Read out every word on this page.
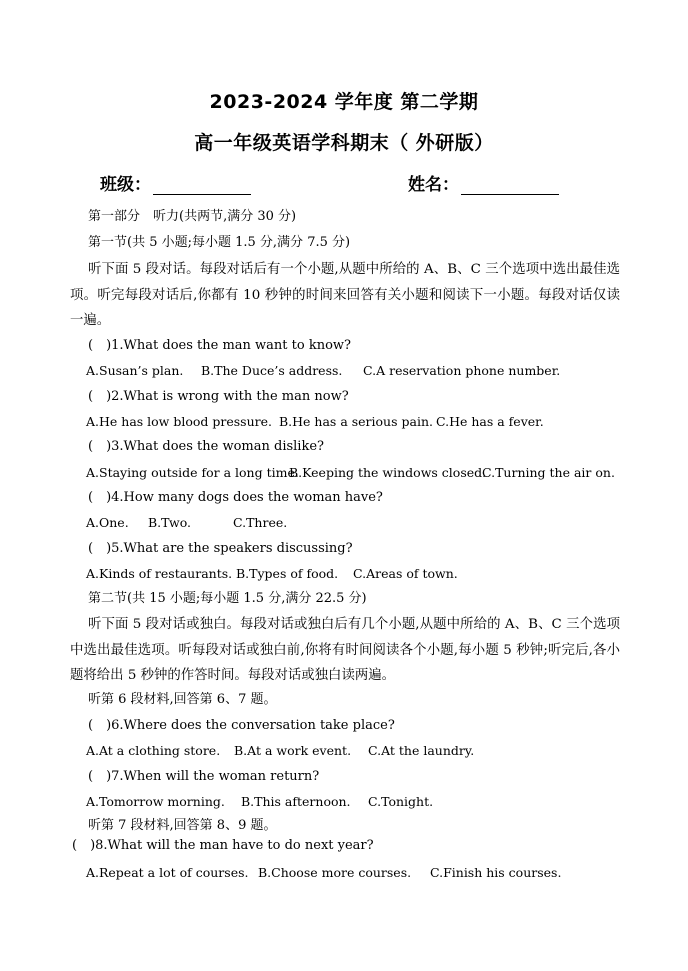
2023-2024 学年度 第二学期
高一年级英语学科期末（ 外研版）
班级：	姓名：
第一部分　听力(共两节,满分 30 分)
第一节(共 5 小题;每小题 1.5 分,满分 7.5 分)
听下面 5 段对话。每段对话后有一个小题,从题中所给的 A、B、C 三个选项中选出最佳选项。听完每段对话后,你都有 10 秒钟的时间来回答有关小题和阅读下一小题。每段对话仅读一遍。
(　)1.What does the man want to know?
A.Susan’s plan. B.The Duce’s address. C.A reservation phone number.
(　)2.What is wrong with the man now?
A.He has low blood pressure. B.He has a serious pain. C.He has a fever.
(　)3.What does the woman dislike?
A.Staying outside for a long time.
B.Keeping the windows closed.
C.Turning the air on.
(　)4.How many dogs does the woman have?
A.One. B.Two.	C.Three.
(　)5.What are the speakers discussing?
A.Kinds of restaurants. B.Types of food. C.Areas of town.
第二节(共 15 小题;每小题 1.5 分,满分 22.5 分)
听下面 5 段对话或独白。每段对话或独白后有几个小题,从题中所给的 A、B、C 三个选项中选出最佳选项。听每段对话或独白前,你将有时间阅读各个小题,每小题 5 秒钟;听完后,各小题将给出 5 秒钟的作答时间。每段对话或独白读两遍。
听第 6 段材料,回答第 6、7 题。
(　)6.Where does the conversation take place?
A.At a clothing store. B.At a work event. C.At the laundry.
(　)7.When will the woman return?
A.Tomorrow morning. B.This afternoon. C.Tonight.
听第 7 段材料,回答第 8、9 题。
(　)8.What will the man have to do next year?
A.Repeat a lot of courses. B.Choose more courses. C.Finish his courses.
